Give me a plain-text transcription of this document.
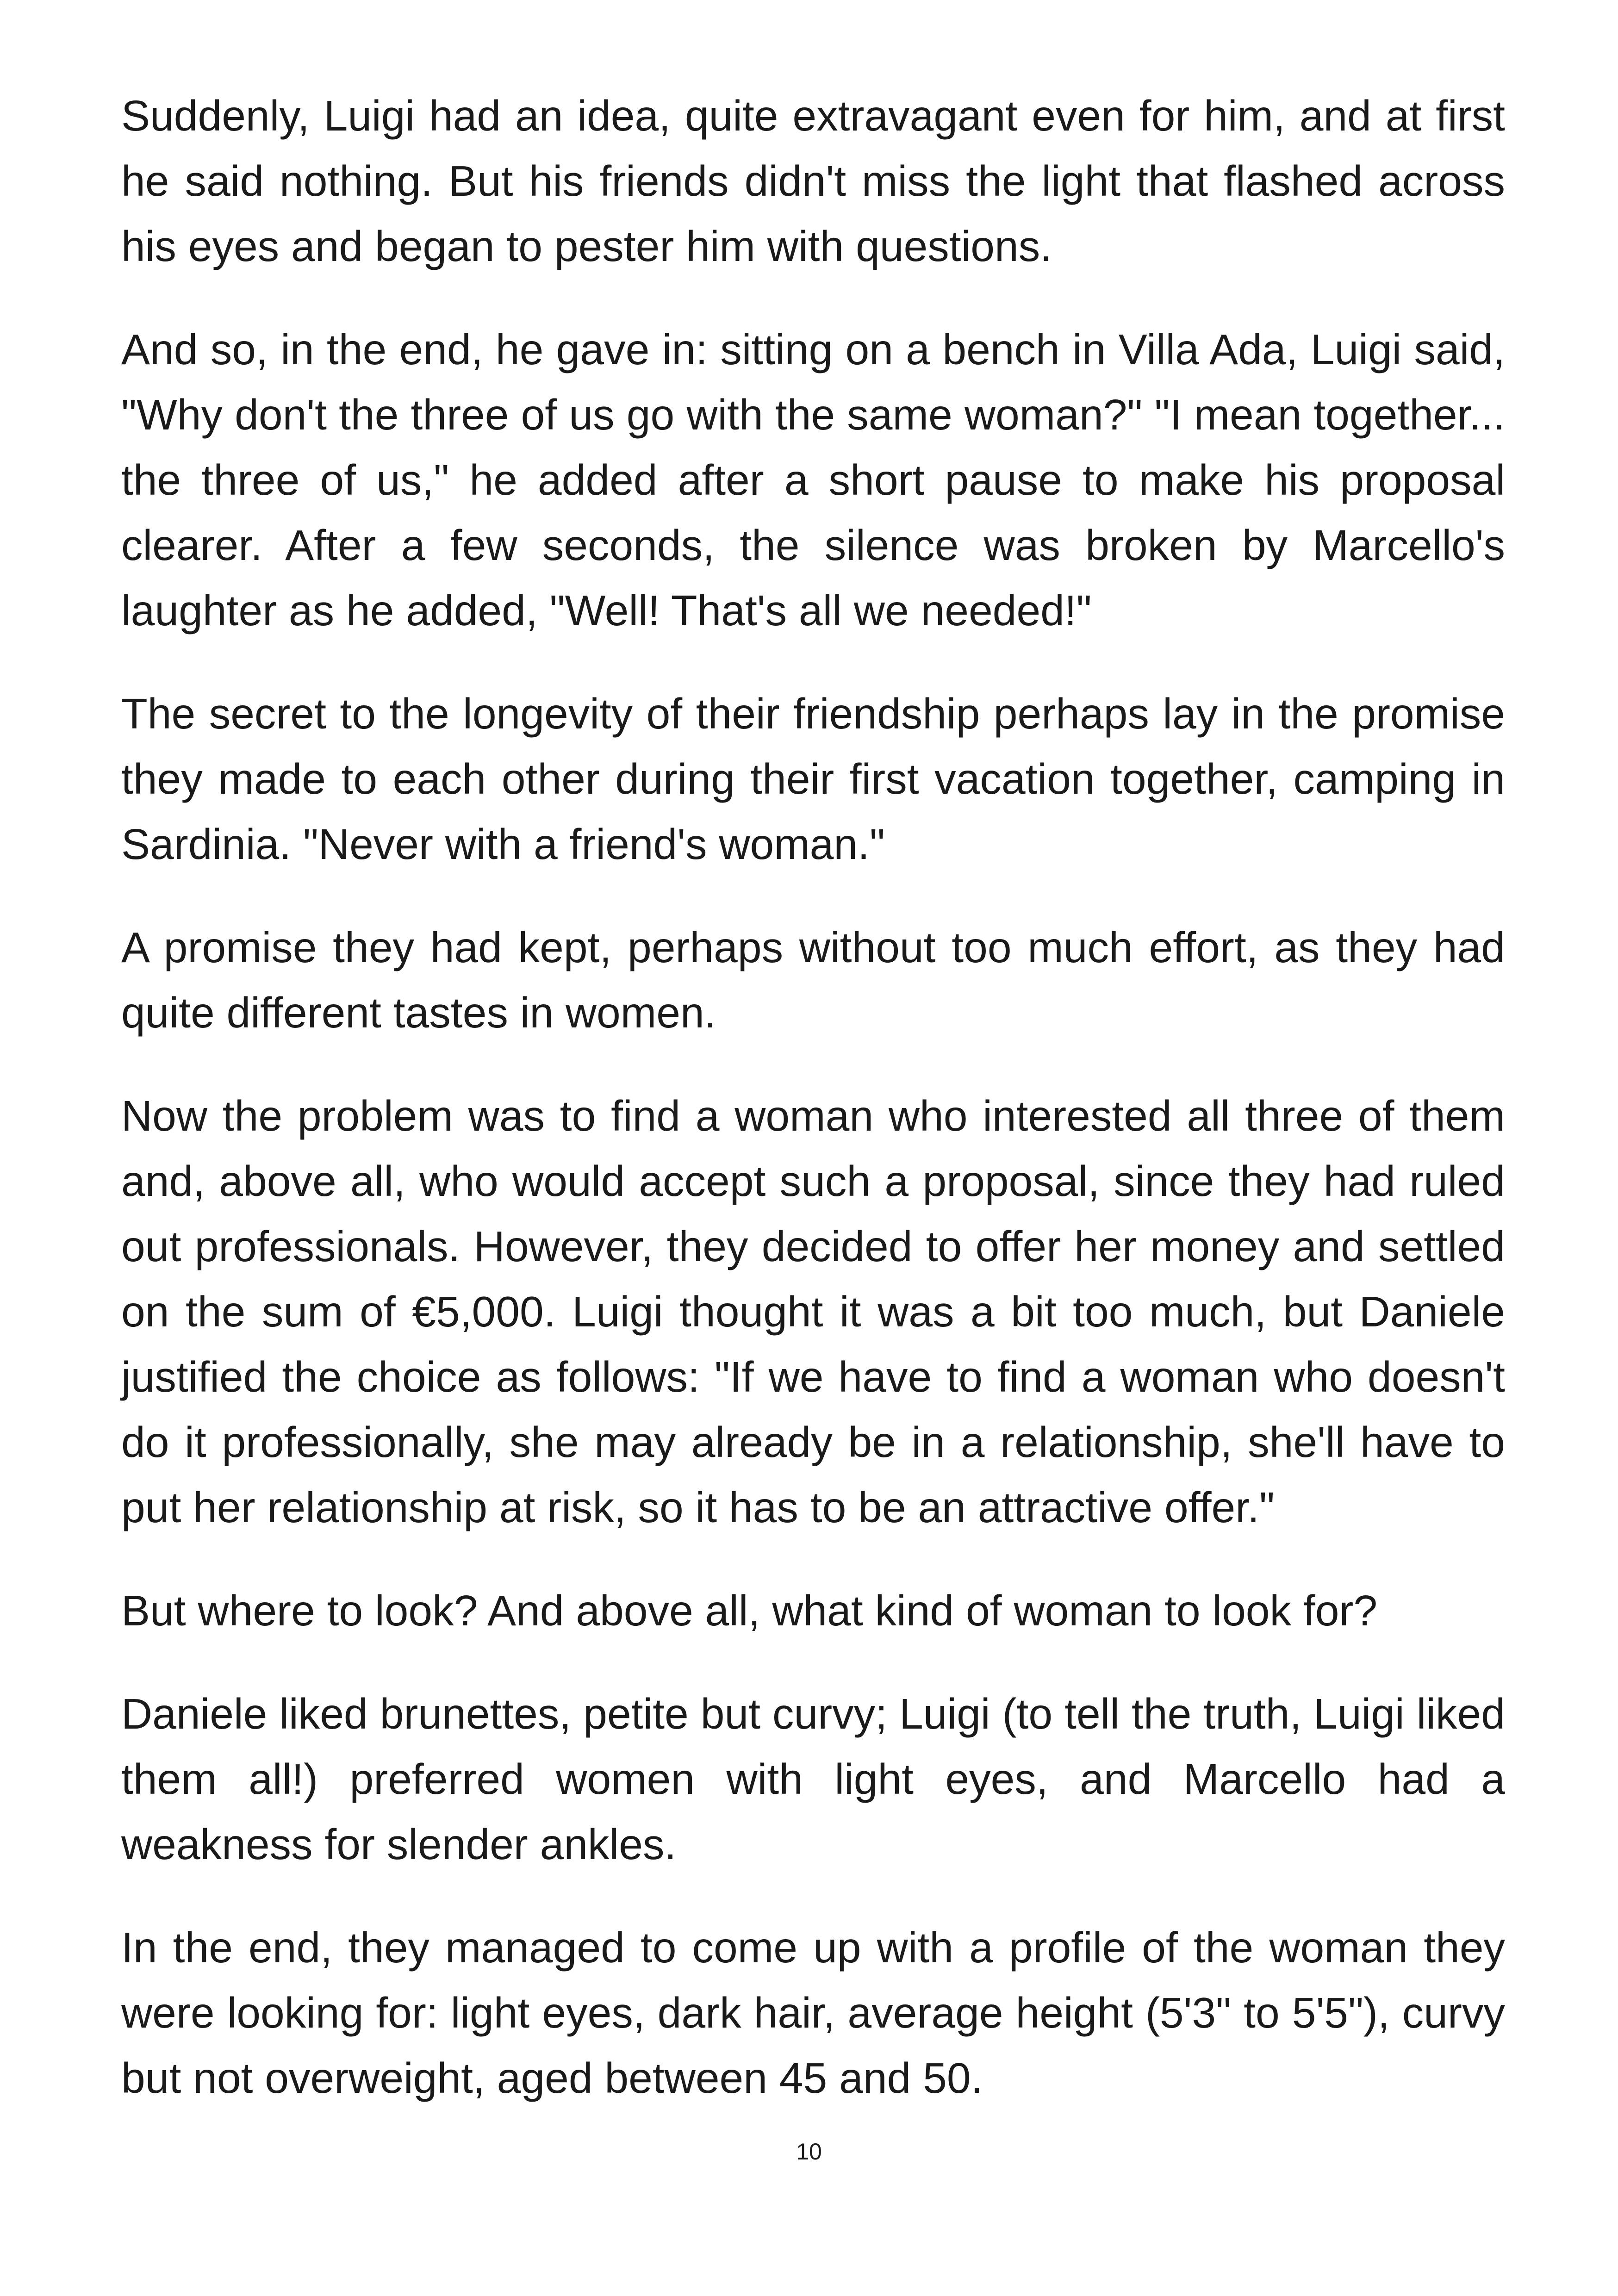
Suddenly, Luigi had an idea, quite extravagant even for him, and at first he said nothing. But his friends didn't miss the light that flashed across his eyes and began to pester him with questions.

And so, in the end, he gave in: sitting on a bench in Villa Ada, Luigi said, "Why don't the three of us go with the same woman?" "I mean together... the three of us," he added after a short pause to make his proposal clearer. After a few seconds, the silence was broken by Marcello's laughter as he added, "Well! That's all we needed!"

The secret to the longevity of their friendship perhaps lay in the promise they made to each other during their first vacation together, camping in Sardinia. "Never with a friend's woman."

A promise they had kept, perhaps without too much effort, as they had quite different tastes in women.

Now the problem was to find a woman who interested all three of them and, above all, who would accept such a proposal, since they had ruled out professionals. However, they decided to offer her money and settled on the sum of €5,000. Luigi thought it was a bit too much, but Daniele justified the choice as follows: "If we have to find a woman who doesn't do it professionally, she may already be in a relationship, she'll have to put her relationship at risk, so it has to be an attractive offer."

But where to look? And above all, what kind of woman to look for?

Daniele liked brunettes, petite but curvy; Luigi (to tell the truth, Luigi liked them all!) preferred women with light eyes, and Marcello had a weakness for slender ankles.

In the end, they managed to come up with a profile of the woman they were looking for: light eyes, dark hair, average height (5'3" to 5'5"), curvy but not overweight, aged between 45 and 50.

10
